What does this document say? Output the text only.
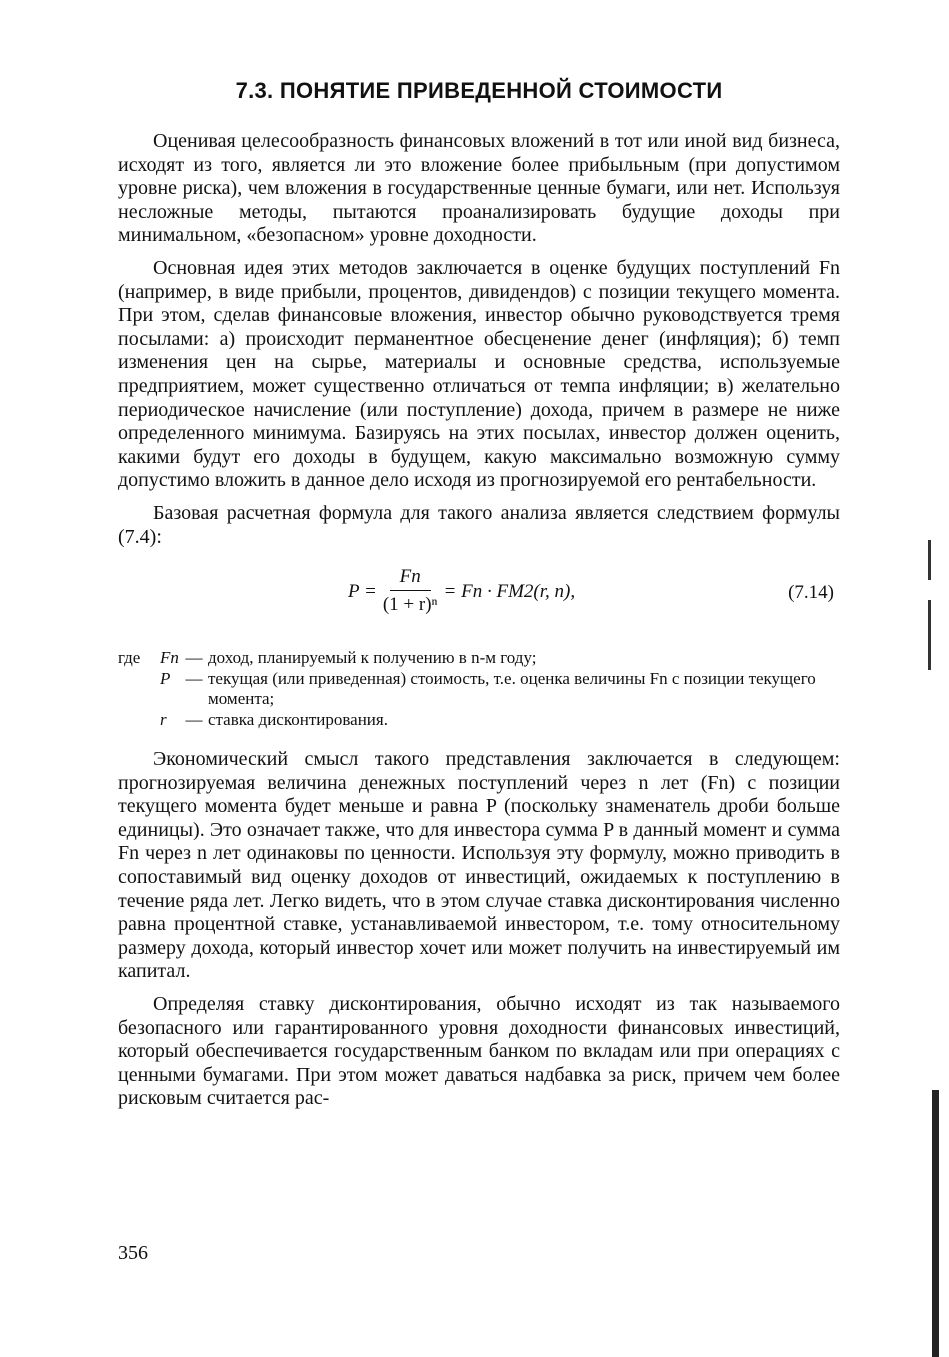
7.3. ПОНЯТИЕ ПРИВЕДЕННОЙ СТОИМОСТИ

Оценивая целесообразность финансовых вложений в тот или иной вид бизнеса, исходят из того, является ли это вложение более прибыльным (при допустимом уровне риска), чем вложения в государственные ценные бумаги, или нет. Используя несложные методы, пытаются проанализировать будущие доходы при минимальном, «безопасном» уровне доходности.

Основная идея этих методов заключается в оценке будущих поступлений Fn (например, в виде прибыли, процентов, дивидендов) с позиции текущего момента. При этом, сделав финансовые вложения, инвестор обычно руководствуется тремя посылами: а) происходит перманентное обесценение денег (инфляция); б) темп изменения цен на сырье, материалы и основные средства, используемые предприятием, может существенно отличаться от темпа инфляции; в) желательно периодическое начисление (или поступление) дохода, причем в размере не ниже определенного минимума. Базируясь на этих посылах, инвестор должен оценить, какими будут его доходы в будущем, какую максимально возможную сумму допустимо вложить в данное дело исходя из прогнозируемой его рентабельности.

Базовая расчетная формула для такого анализа является следствием формулы (7.4):

$P = \frac{Fn}{\text{(1 + r)ⁿ}} = Fn \cdot FM2(r$, n),	(7.14)
где	Fn — доход, планируемый к получению в n-м году;
P — текущая (или приведенная) стоимость, т.е. оценка величины Fn с позиции текущего момента;
r	— ставка дисконтирования.

Экономический смысл такого представления заключается в следующем: прогнозируемая величина денежных поступлений через n лет (Fn) с позиции текущего момента будет меньше и равна P (поскольку знаменатель дроби больше единицы). Это означает также, что для инвестора сумма P в данный момент и сумма Fn через n лет одинаковы по ценности. Используя эту формулу, можно приводить в сопоставимый вид оценку доходов от инвестиций, ожидаемых к поступлению в течение ряда лет. Легко видеть, что в этом случае ставка дисконтирования численно равна процентной ставке, устанавливаемой инвестором, т.е. тому относительному размеру дохода, который инвестор хочет или может получить на инвестируемый им капитал.

Определяя ставку дисконтирования, обычно исходят из так называемого безопасного или гарантированного уровня доходности финансовых инвестиций, который обеспечивается государственным банком по вкладам или при операциях с ценными бумагами. При этом может даваться надбавка за риск, причем чем более рисковым считается рас-

356
